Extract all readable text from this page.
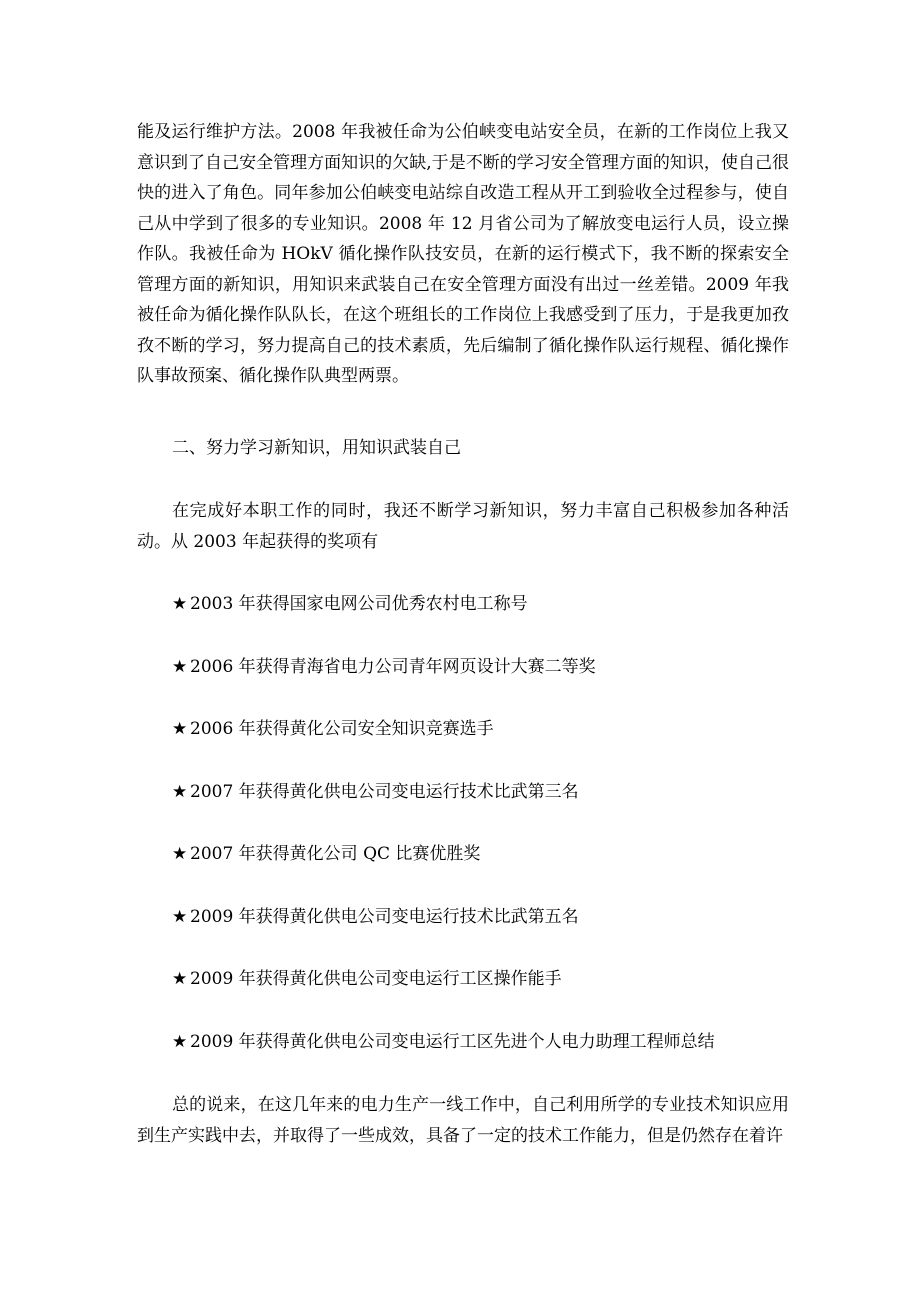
能及运行维护方法。2008 年我被任命为公伯峡变电站安全员，在新的工作岗位上我又意识到了自己安全管理方面知识的欠缺,于是不断的学习安全管理方面的知识，使自己很快的进入了角色。同年参加公伯峡变电站综自改造工程从开工到验收全过程参与，使自己从中学到了很多的专业知识。2008 年 12 月省公司为了解放变电运行人员，设立操作队。我被任命为 HOkV 循化操作队技安员，在新的运行模式下，我不断的探索安全管理方面的新知识，用知识来武装自己在安全管理方面没有出过一丝差错。2009 年我被任命为循化操作队队长，在这个班组长的工作岗位上我感受到了压力，于是我更加孜孜不断的学习，努力提高自己的技术素质，先后编制了循化操作队运行规程、循化操作队事故预案、循化操作队典型两票。

二、努力学习新知识，用知识武装自己

在完成好本职工作的同时，我还不断学习新知识，努力丰富自己积极参加各种活动。从 2003 年起获得的奖项有

★ 2003 年获得国家电网公司优秀农村电工称号
★ 2006 年获得青海省电力公司青年网页设计大赛二等奖
★ 2006 年获得黄化公司安全知识竞赛选手
★ 2007 年获得黄化供电公司变电运行技术比武第三名
★ 2007 年获得黄化公司 QC 比赛优胜奖
★ 2009 年获得黄化供电公司变电运行技术比武第五名
★ 2009 年获得黄化供电公司变电运行工区操作能手
★ 2009 年获得黄化供电公司变电运行工区先进个人电力助理工程师总结

总的说来，在这几年来的电力生产一线工作中，自己利用所学的专业技术知识应用到生产实践中去，并取得了一些成效，具备了一定的技术工作能力，但是仍然存在着许
